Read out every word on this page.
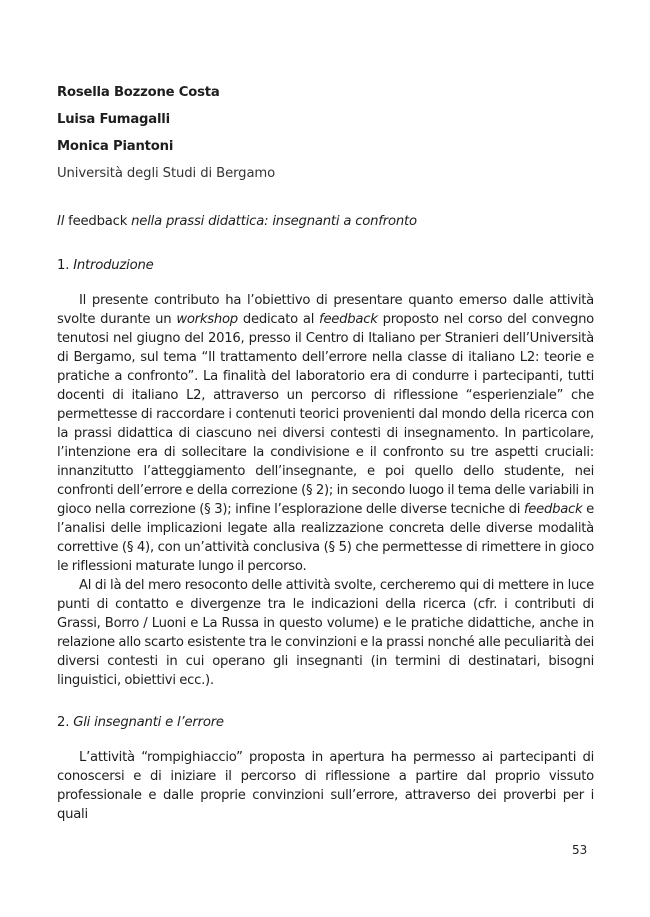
Rosella Bozzone Costa

Luisa Fumagalli

Monica Piantoni

Università degli Studi di Bergamo

Il feedback nella prassi didattica: insegnanti a confronto

1. Introduzione

Il presente contributo ha l’obiettivo di presentare quanto emerso dalle attività svolte durante un workshop dedicato al feedback proposto nel corso del convegno tenutosi nel giugno del 2016, presso il Centro di Italiano per Stranieri dell’Università di Bergamo, sul tema “Il trattamento dell’errore nella classe di italiano L2: teorie e pratiche a confronto”. La finalità del laboratorio era di condurre i partecipanti, tutti docenti di italiano L2, attraverso un percorso di riflessione “esperienziale” che permettesse di raccordare i contenuti teorici provenienti dal mondo della ricerca con la prassi didattica di ciascuno nei diversi contesti di insegnamento. In particolare, l’intenzione era di sollecitare la condivisione e il confronto su tre aspetti cruciali: innanzitutto l’atteggiamento dell’insegnante, e poi quello dello studente, nei confronti dell’errore e della correzione (§ 2); in secondo luogo il tema delle variabili in gioco nella correzione (§ 3); infine l’esplorazione delle diverse tecniche di feedback e l’analisi delle implicazioni legate alla realizzazione concreta delle diverse modalità correttive (§ 4), con un’attività conclusiva (§ 5) che permettesse di rimettere in gioco le riflessioni maturate lungo il percorso.

Al di là del mero resoconto delle attività svolte, cercheremo qui di mettere in luce punti di contatto e divergenze tra le indicazioni della ricerca (cfr. i contributi di Grassi, Borro / Luoni e La Russa in questo volume) e le pratiche didattiche, anche in relazione allo scarto esistente tra le convinzioni e la prassi nonché alle peculiarità dei diversi contesti in cui operano gli insegnanti (in termini di destinatari, bisogni linguistici, obiettivi ecc.).

2. Gli insegnanti e l’errore

L’attività “rompighiaccio” proposta in apertura ha permesso ai partecipanti di conoscersi e di iniziare il percorso di riflessione a partire dal proprio vissuto professionale e dalle proprie convinzioni sull’errore, attraverso dei proverbi per i quali

53
